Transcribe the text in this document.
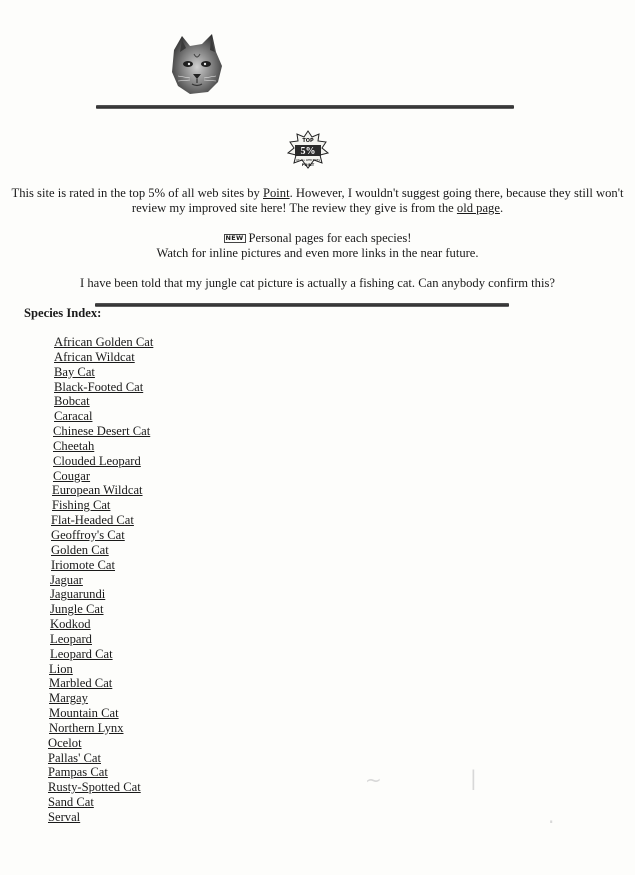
TOP
5%
OF ALL WEB SITES
POINT
This site is rated in the top 5% of all web sites by Point. However, I wouldn't suggest going there, because they still won't review my improved site here! The review they give is from the old page.
NEW Personal pages for each species!
Watch for inline pictures and even more links in the near future.
I have been told that my jungle cat picture is actually a fishing cat. Can anybody confirm this?
Species Index:
African Golden Cat
African Wildcat
Bay Cat
Black-Footed Cat
Bobcat
Caracal
Chinese Desert Cat
Cheetah
Clouded Leopard
Cougar
European Wildcat
Fishing Cat
Flat-Headed Cat
Geoffroy's Cat
Golden Cat
Iriomote Cat
Jaguar
Jaguarundi
Jungle Cat
Kodkod
Leopard
Leopard Cat
Lion
Marbled Cat
Margay
Mountain Cat
Northern Lynx
Ocelot
Pallas' Cat
Pampas Cat
Rusty-Spotted Cat
Sand Cat
Serval
~	|
·
